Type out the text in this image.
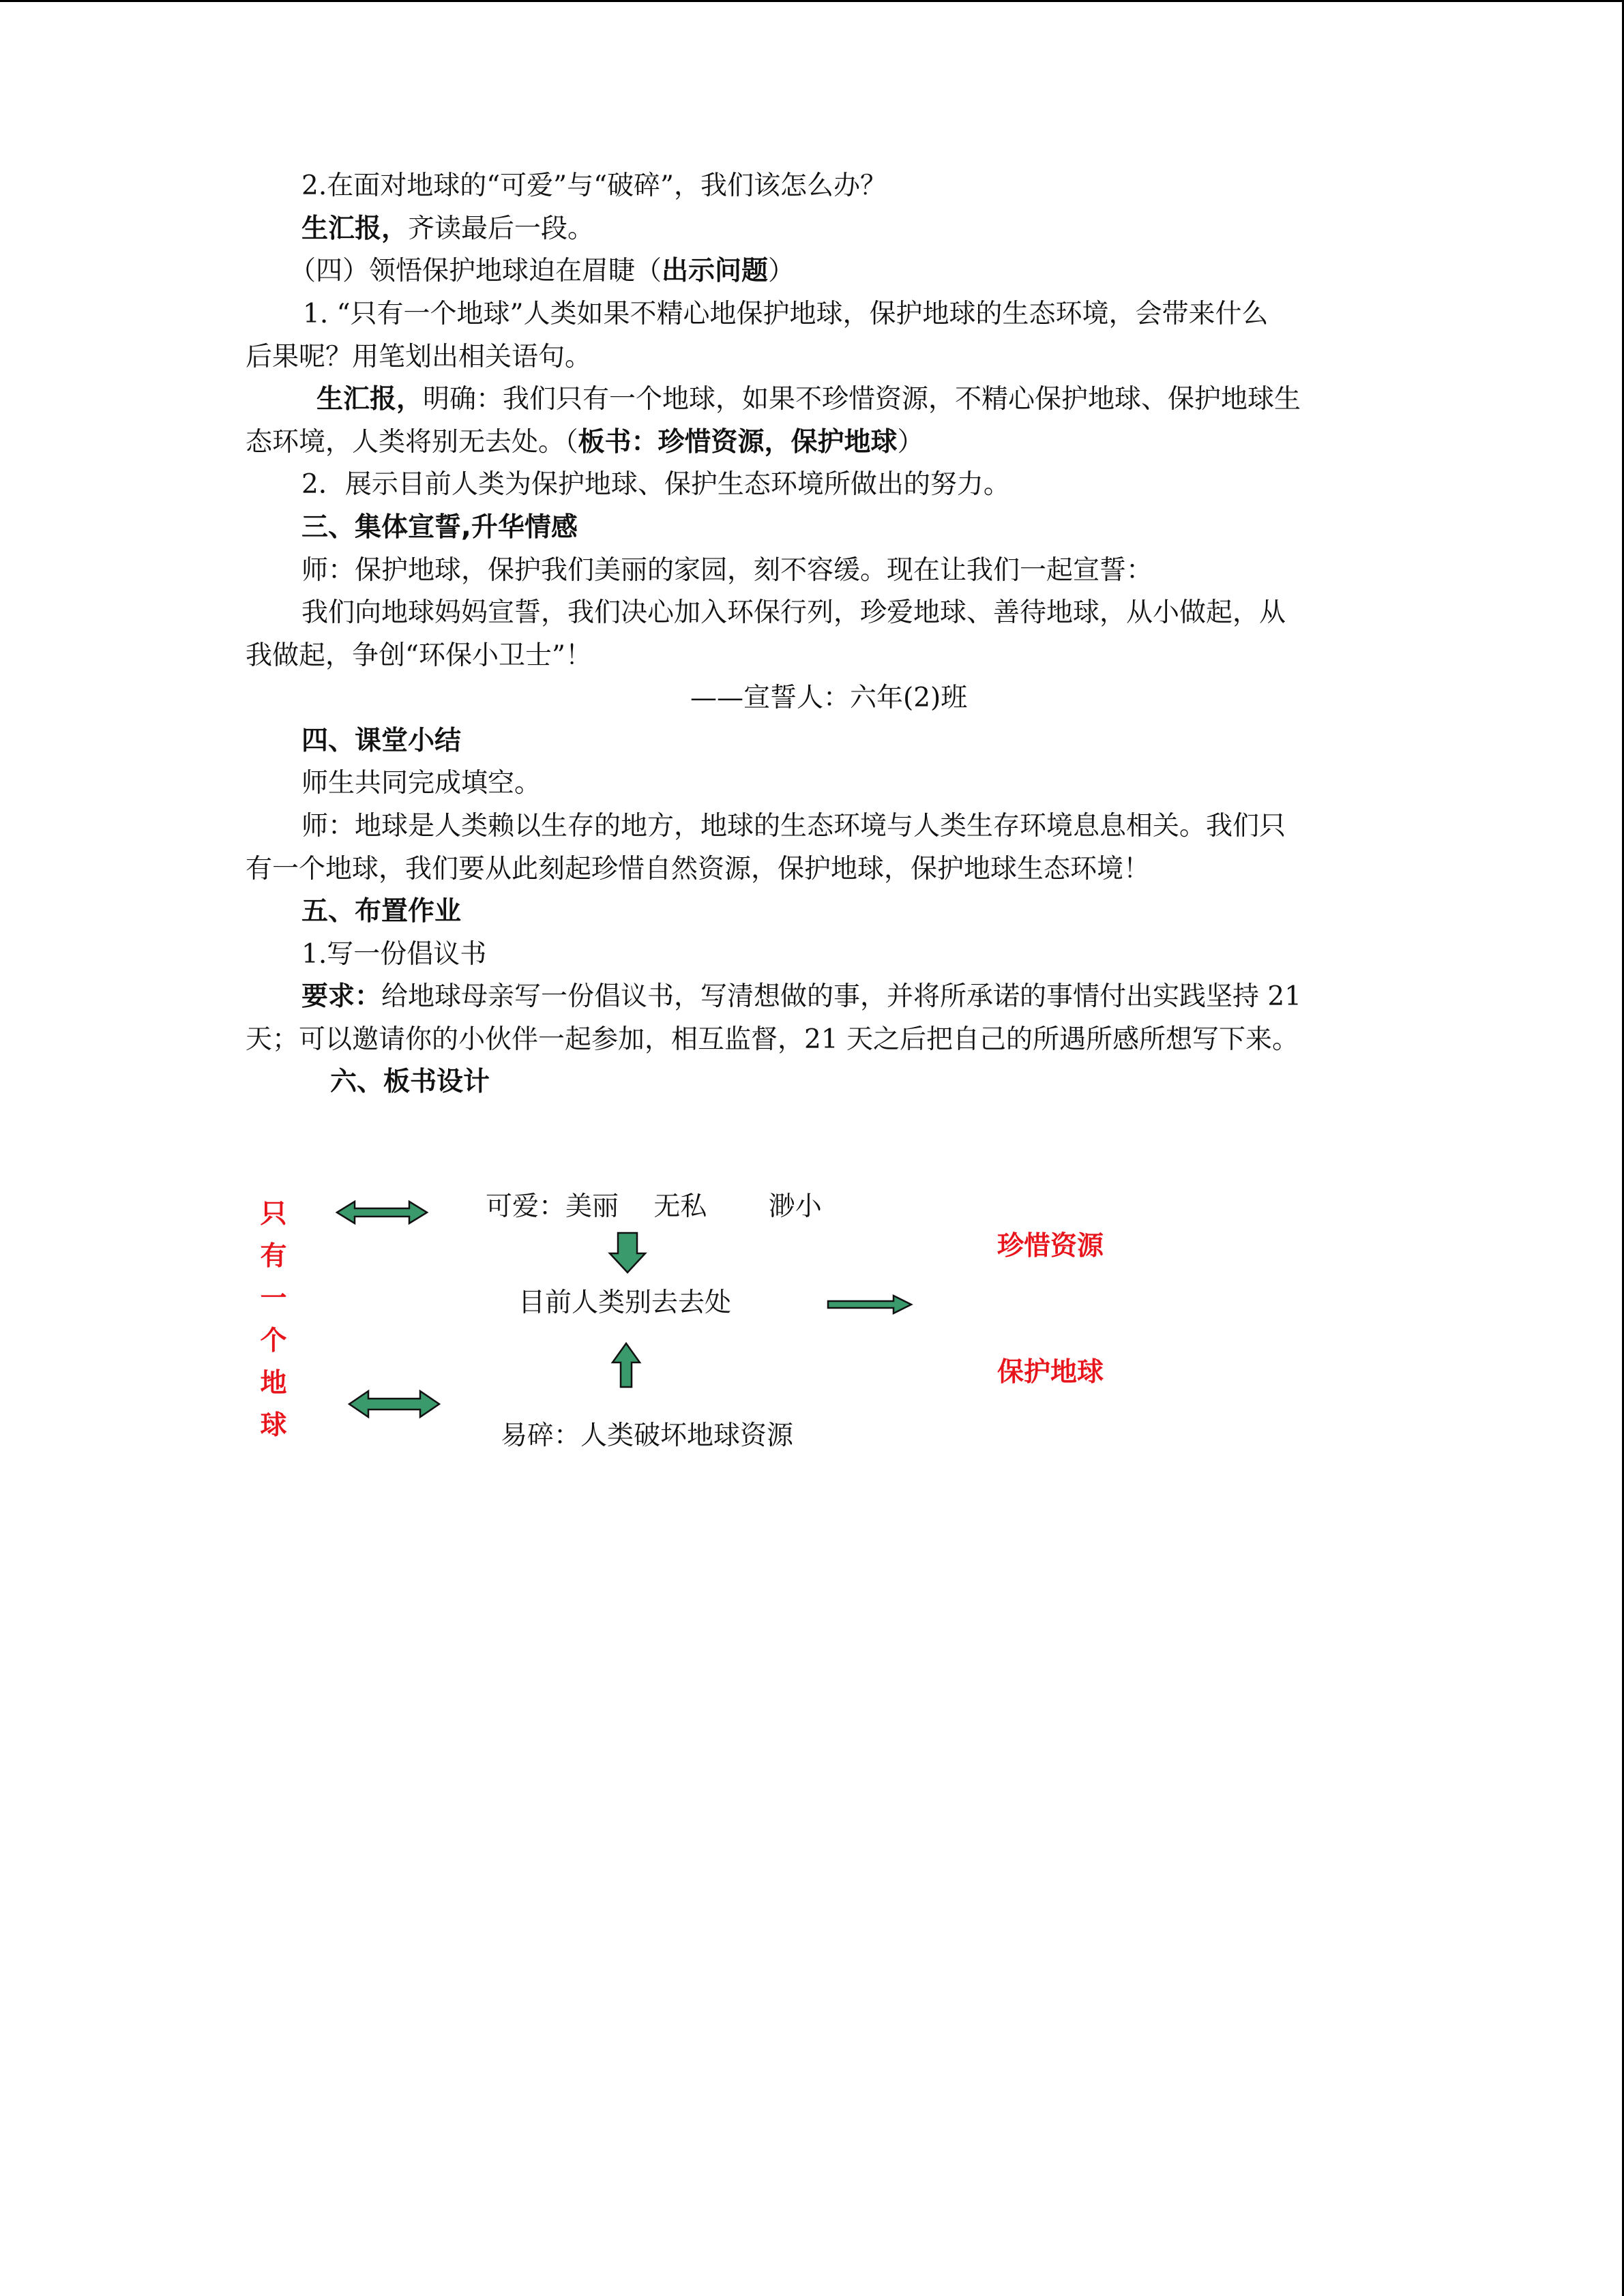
2.在面对地球的“可爱”与“破碎”，我们该怎么办？
生汇报，齐读最后一段。
（四）领悟保护地球迫在眉睫（出示问题）
1. “只有一个地球”人类如果不精心地保护地球，保护地球的生态环境，会带来什么
后果呢？用笔划出相关语句。
生汇报，明确：我们只有一个地球，如果不珍惜资源，不精心保护地球、保护地球生
态环境，人类将别无去处。（板书：珍惜资源，保护地球）
2．展示目前人类为保护地球、保护生态环境所做出的努力。
三、集体宣誓,升华情感
师：保护地球，保护我们美丽的家园，刻不容缓。现在让我们一起宣誓：
我们向地球妈妈宣誓，我们决心加入环保行列，珍爱地球、善待地球，从小做起，从
我做起，争创“环保小卫士”！
——宣誓人：六年(2)班
四、课堂小结
师生共同完成填空。
师：地球是人类赖以生存的地方，地球的生态环境与人类生存环境息息相关。我们只
有一个地球，我们要从此刻起珍惜自然资源，保护地球，保护地球生态环境！
五、布置作业
1.写一份倡议书
要求：给地球母亲写一份倡议书，写清想做的事，并将所承诺的事情付出实践坚持 21
天；可以邀请你的小伙伴一起参加，相互监督，21 天之后把自己的所遇所感所想写下来。
六、板书设计
只
有
一
个
地
球
可爱：美丽　 无私　　 渺小
目前人类别去去处
珍惜资源
保护地球
易碎：人类破坏地球资源
